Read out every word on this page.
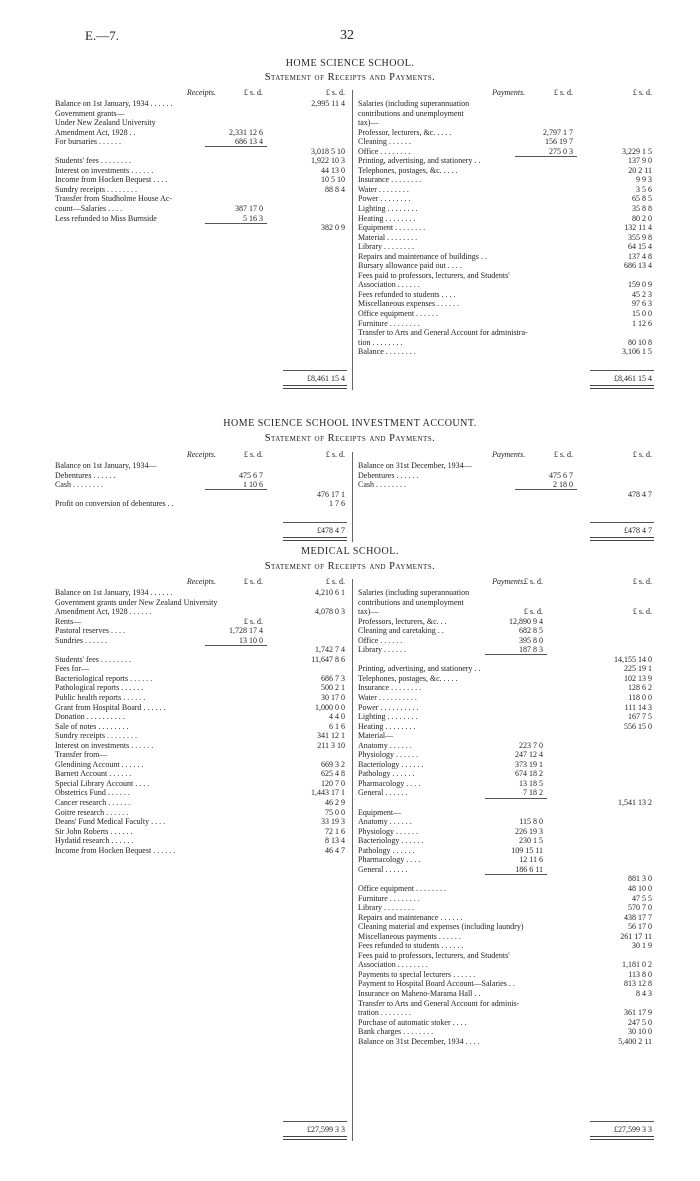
E.—7.	32
HOME SCIENCE SCHOOL.
Statement of Receipts and Payments.
Receipts.	£ s. d.	£ s. d.
Balance on 1st January, 1934 . . . . . .	2,995 11 4
Government grants—
Under New Zealand University
Amendment Act, 1928 . .	2,331 12 6
For bursaries . . . . . .	686 13 4
3,018 5 10
Students' fees . . . . . . . .	1,922 10 3
Interest on investments . . . . . .	44 13 0
Income from Hocken Bequest . . . .	10 5 10
Sundry receipts . . . . . . . .	88 8 4
Transfer from Studholme House Ac-
count—Salaries . . . .	387 17 0
Less refunded to Miss Burnside	5 16 3
382 0 9
£8,461 15 4
Payments.	£ s. d.	£ s. d.
Salaries (including superannuation
contributions and unemployment
tax)—
Professor, lecturers, &c. . . . .	2,797 1 7
Cleaning . . . . . .	156 19 7
Office . . . . . . . .	275 0 3	3,229 1 5
Printing, advertising, and stationery . .	137 9 0
Telephones, postages, &c. . . . .	20 2 11
Insurance . . . . . . . .	9 9 3
Water . . . . . . . .	3 5 6
Power . . . . . . . .	65 8 5
Lighting . . . . . . . .	35 8 8
Heating . . . . . . . .	80 2 0
Equipment . . . . . . . .	132 11 4
Material . . . . . . . .	355 9 8
Library . . . . . . . .	64 15 4
Repairs and maintenance of buildings . .	137 4 8
Bursary allowance paid out . . . .	686 13 4
Fees paid to professors, lecturers, and Students'
Association . . . . . .	159 0 9
Fees refunded to students . . . .	45 2 3
Miscellaneous expenses . . . . . .	97 6 3
Office equipment . . . . . .	15 0 0
Furniture . . . . . . . .	1 12 6
Transfer to Arts and General Account for administra-
tion . . . . . . . .	80 10 8
Balance . . . . . . . .	3,106 1 5
£8,461 15 4
HOME SCIENCE SCHOOL INVESTMENT ACCOUNT.
Statement of Receipts and Payments.
Receipts.	£ s. d.	£ s. d.
Balance on 1st January, 1934—
Debentures . . . . . .	475 6 7
Cash . . . . . . . .	1 10 6
476 17 1
Profit on conversion of debentures . .	1 7 6
£478 4 7
Payments.	£ s. d.	£ s. d.
Balance on 31st December, 1934—
Debentures . . . . . .	475 6 7
Cash . . . . . . . .	2 18 0
478 4 7
£478 4 7
MEDICAL SCHOOL.
Statement of Receipts and Payments.
Receipts.	£ s. d.	£ s. d.
Balance on 1st January, 1934 . . . . . .	4,210 6 1
Government grants under New Zealand University
Amendment Act, 1928 . . . . . .	4,078 0 3
Rents—	£ s. d.
Pastoral reserves . . . .	1,728 17 4
Sundries . . . . . .	13 10 0
1,742 7 4
Students' fees . . . . . . . .	11,647 8 6
Fees for—
Bacteriological reports . . . . . .	686 7 3
Pathological reports . . . . . .	500 2 1
Public health reports . . . . . .	30 17 0
Grant from Hospital Board . . . . . .	1,000 0 0
Donation . . . . . . . . . .	4 4 0
Sale of notes . . . . . . . .	6 1 6
Sundry receipts . . . . . . . .	341 12 1
Interest on investments . . . . . .	211 3 10
Transfer from—
Glendining Account . . . . . .	669 3 2
Barnett Account . . . . . .	625 4 8
Special Library Account . . . .	120 7 0
Obstetrics Fund . . . . . .	1,443 17 1
Cancer research . . . . . .	46 2 9
Goitre research . . . . . .	75 0 0
Deans' Fund Medical Faculty . . . .	33 19 3
Sir John Roberts . . . . . .	72 1 6
Hydatid research . . . . . .	8 13 4
Income from Hocken Bequest . . . . . .	46 4 7
£27,599 3 3
Payments.
£ s. d.	£ s. d.
Salaries (including superannuation
contributions and unemployment
tax)—	£ s. d.	£ s. d.
Professors, lecturers, &c. . .	12,890 9 4
Cleaning and caretaking . .	682 8 5
Office . . . . . .	395 8 0
Library . . . . . .	187 8 3
14,155 14 0
Printing, advertising, and stationery . .	225 19 1
Telephones, postages, &c. . . . .	102 13 9
Insurance . . . . . . . .	128 6 2
Water . . . . . . . . . .	118 0 0
Power . . . . . . . . . .	111 14 3
Lighting . . . . . . . .	167 7 5
Heating . . . . . . . .	556 15 0
Material—
Anatomy . . . . . .	223 7 0
Physiology . . . . . .	247 12 4
Bacteriology . . . . . .	373 19 1
Pathology . . . . . .	674 18 2
Pharmacology . . . .	13 18 5
General . . . . . .	7 18 2
1,541 13 2
Equipment—
Anatomy . . . . . .	115 8 0
Physiology . . . . . .	226 19 3
Bacteriology . . . . . .	230 1 5
Pathology . . . . . .	109 15 11
Pharmacology . . . .	12 11 6
General . . . . . .	186 6 11
881 3 0
Office equipment . . . . . . . .	48 10 0
Furniture . . . . . . . .	47 5 5
Library . . . . . . . .	570 7 0
Repairs and maintenance . . . . . .	438 17 7
Cleaning material and expenses (including laundry)	56 17 0
Miscellaneous payments . . . . . .	261 17 11
Fees refunded to students . . . . . .	30 1 9
Fees paid to professors, lecturers, and Students'
Association . . . . . . . .	1,181 0 2
Payments to special lecturers . . . . . .	113 8 0
Payment to Hospital Board Account—Salaries . .	813 12 8
Insurance on Maheno-Marama Hall . .	8 4 3
Transfer to Arts and General Account for adminis-
tration . . . . . . . .	361 17 9
Purchase of automatic stoker . . . .	247 5 0
Bank charges . . . . . . . .	30 10 0
Balance on 31st December, 1934 . . . .	5,400 2 11
£27,599 3 3
